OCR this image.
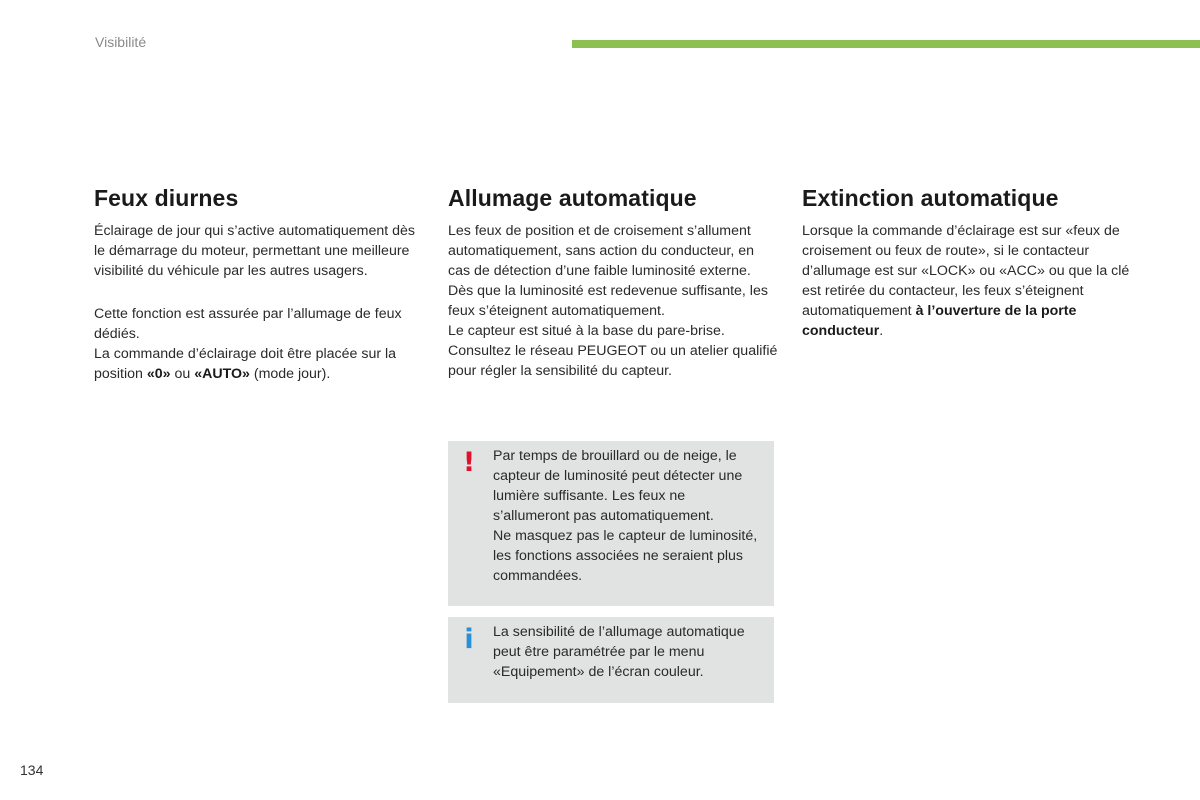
Visibilité
Feux diurnes

Éclairage de jour qui s’active automatiquement dès le démarrage du moteur, permettant une meilleure visibilité du véhicule par les autres usagers.

Cette fonction est assurée par l’allumage de feux dédiés.

La commande d’éclairage doit être placée sur la position «0» ou «AUTO» (mode jour).

Allumage automatique

Les feux de position et de croisement s’allument automatiquement, sans action du conducteur, en cas de détection d’une faible luminosité externe.

Dès que la luminosité est redevenue suffisante, les feux s’éteignent automatiquement.

Le capteur est situé à la base du pare-brise.

Consultez le réseau PEUGEOT ou un atelier qualifié pour régler la sensibilité du capteur.

Extinction automatique

Lorsque la commande d’éclairage est sur «feux de croisement ou feux de route», si le contacteur d’allumage est sur «LOCK» ou «ACC» ou que la clé est retirée du contacteur, les feux s’éteignent automatiquement à l’ouverture de la porte conducteur.

! Par temps de brouillard ou de neige, le capteur de luminosité peut détecter une lumière suffisante. Les feux ne s’allumeront pas automatiquement.

Ne masquez pas le capteur de luminosité, les fonctions associées ne seraient plus commandées.

i La sensibilité de l’allumage automatique peut être paramétrée par le menu «Equipement» de l’écran couleur.

134
